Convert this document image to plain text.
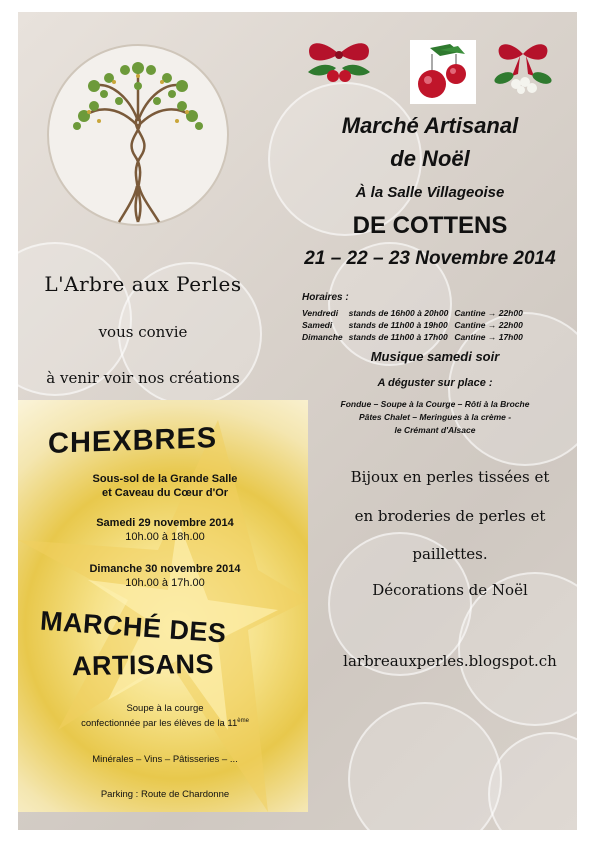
Marché Artisanal
de Noël
À la Salle Villageoise
DE COTTENS
21 – 22 – 23 Novembre 2014
Horaires :
Vendredi	stands de 16h00 à 20h00	Cantine → 22h00
Samedi	stands de 11h00 à 19h00	Cantine → 22h00
Dimanche	stands de 11h00 à 17h00	Cantine → 17h00
Musique samedi soir
A déguster sur place :
Fondue – Soupe à la Courge – Rôti à la Broche
Pâtes Chalet – Meringues à la crème -
le Crémant d'Alsace
L'Arbre aux Perles
vous convie
à venir voir nos créations
CHEXBRES
Sous-sol de la Grande Salle
et Caveau du Cœur d'Or
Samedi 29 novembre 2014
10h.00 à 18h.00
Dimanche 30 novembre 2014
10h.00 à 17h.00
MARCHÉ DES
ARTISANS
Soupe à la courge
confectionnée par les élèves de la 11ème
Minérales – Vins – Pâtisseries – ...
Parking : Route de Chardonne
Bijoux en perles tissées et
en broderies de perles et
paillettes.
Décorations de Noël
larbreauxperles.blogspot.ch
